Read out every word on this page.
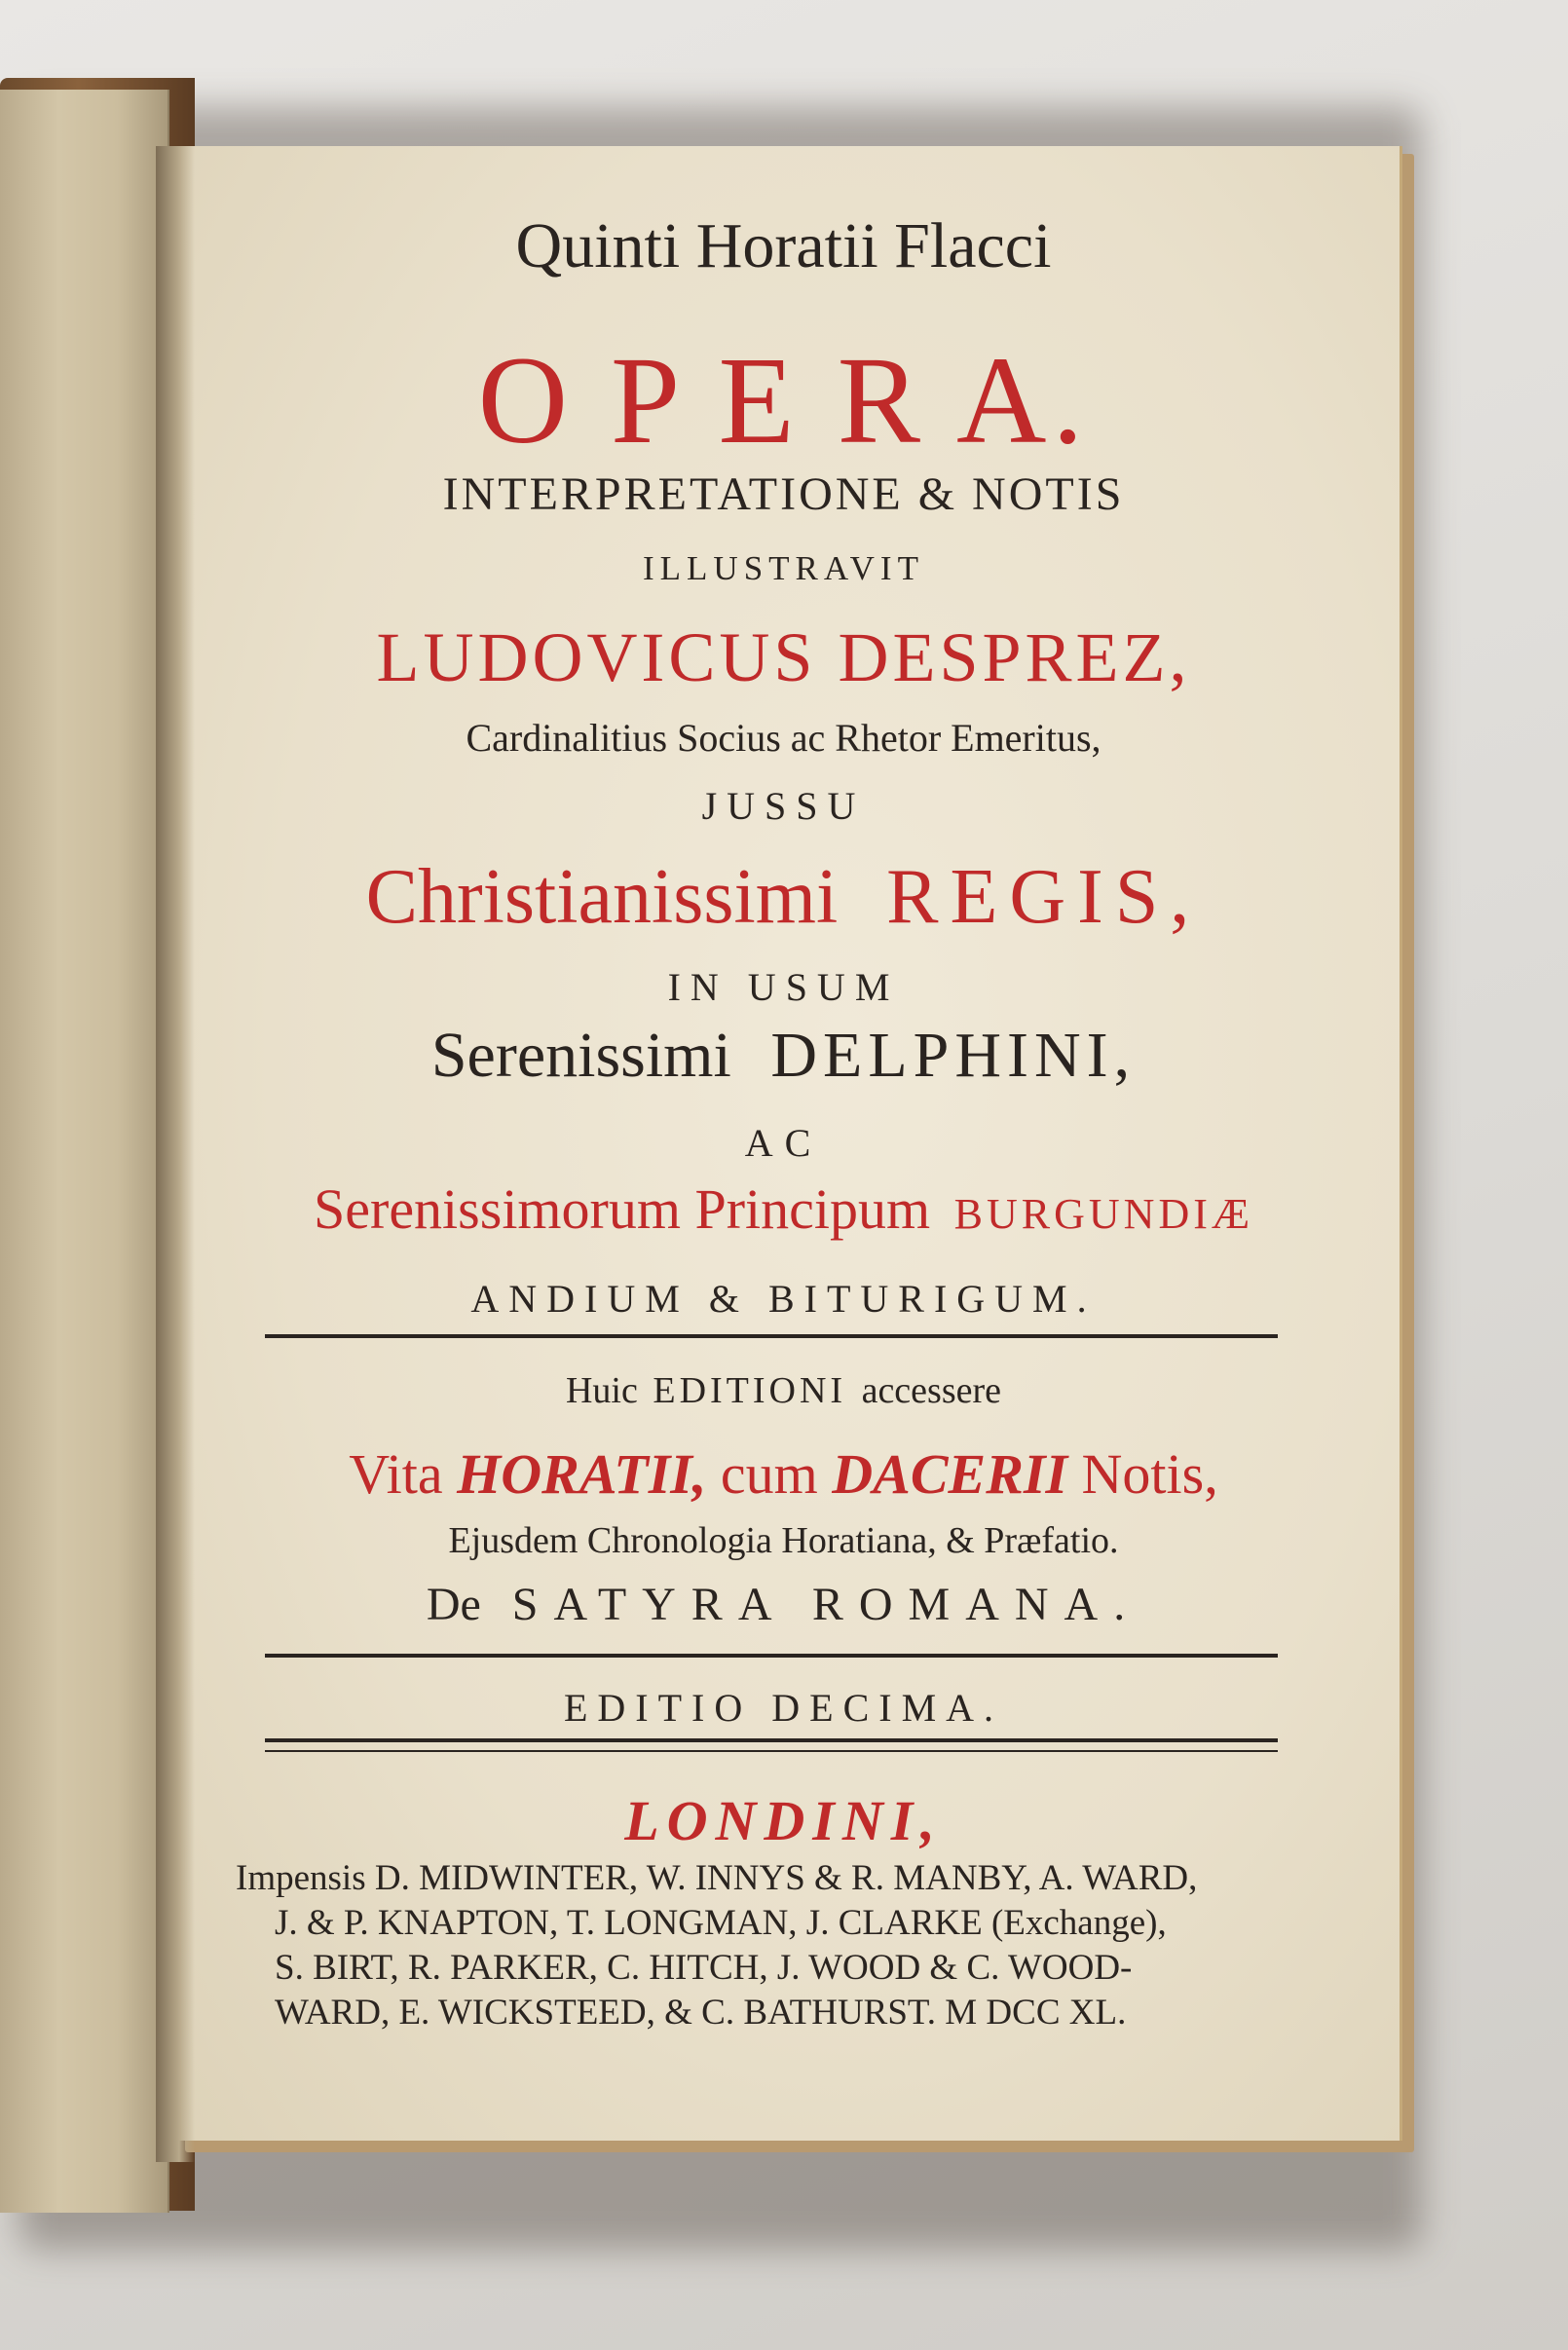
Quinti Horatii Flacci
O P E R A.
INTERPRETATIONE & NOTIS
ILLUSTRAVIT
LUDOVICUS DESPREZ,
Cardinalitius Socius ac Rhetor Emeritus,
JUSSU
Christianissimi REGIS,
IN USUM
Serenissimi DELPHINI,
AC
Serenissimorum Principum BURGUNDIÆ
ANDIUM & BITURIGUM.
Huic EDITIONI accessere
Vita HORATII, cum DACERII Notis,
Ejusdem Chronologia Horatiana, & Præfatio.
De SATYRA ROMANA.
EDITIO DECIMA.
LONDINI,
Impensis D. MIDWINTER, W. INNYS & R. MANBY, A. WARD,
J. & P. KNAPTON, T. LONGMAN, J. CLARKE (Exchange),
S. BIRT, R. PARKER, C. HITCH, J. WOOD & C. WOOD-
WARD, E. WICKSTEED, & C. BATHURST. M DCC XL.
